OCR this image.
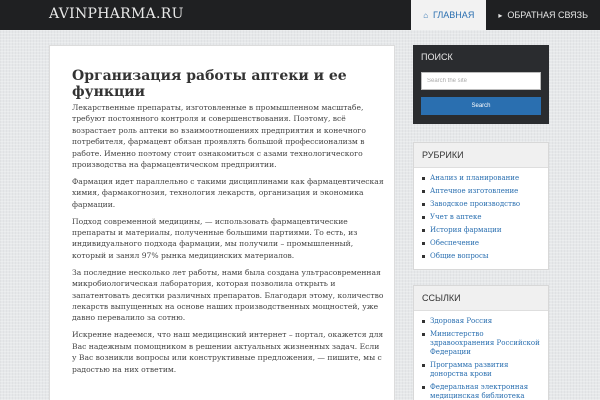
AVINPHARMA.RU	⌂ ГЛАВНАЯ	▸ ОБРАТНАЯ СВЯЗЬ
Организация работы аптеки и ее функции

Лекарственные препараты, изготовленные в промышленном масштабе, требуют постоянного контроля и совершенствования. Поэтому, всё возрастает роль аптеки во взаимоотношениях предприятия и конечного потребителя, фармацевт обязан проявлять большой профессионализм в работе. Именно поэтому стоит ознакомиться с азами технологического производства на фармацевтическом предприятии.

Фармация идет параллельно с такими дисциплинами как фармацевтическая химия, фармакогнозия, технология лекарств, организация и экономика фармации.

Подход современной медицины, — использовать фармацевтические препараты и материалы, полученные большими партиями. То есть, из индивидуального подхода фармации, мы получили – промышленный, который и занял 97% рынка медицинских материалов.

За последние несколько лет работы, нами была создана ультрасовременная микробиологическая лаборатория, которая позволила открыть и запатентовать десятки различных препаратов. Благодаря этому, количество лекарств выпущенных на основе наших производственных мощностей, уже давно перевалило за сотню.

Искренне надеемся, что наш медицинский интернет – портал, окажется для Вас надежным помощником в решении актуальных жизненных задач. Если у Вас возникли вопросы или конструктивные предложения, — пишите, мы с радостью на них ответим.

ПОИСК
Search the site
Search
РУБРИКИ
Анализ и планирование
Аптечное изготовление
Заводское производство
Учет в аптеке
История фармации
Обеспечение
Общие вопросы
ССЫЛКИ
Здоровая Россия
Министерство здравоохранения Российской Федерации
Программа развития донорства крови
Федеральная электронная медицинская библиотека
